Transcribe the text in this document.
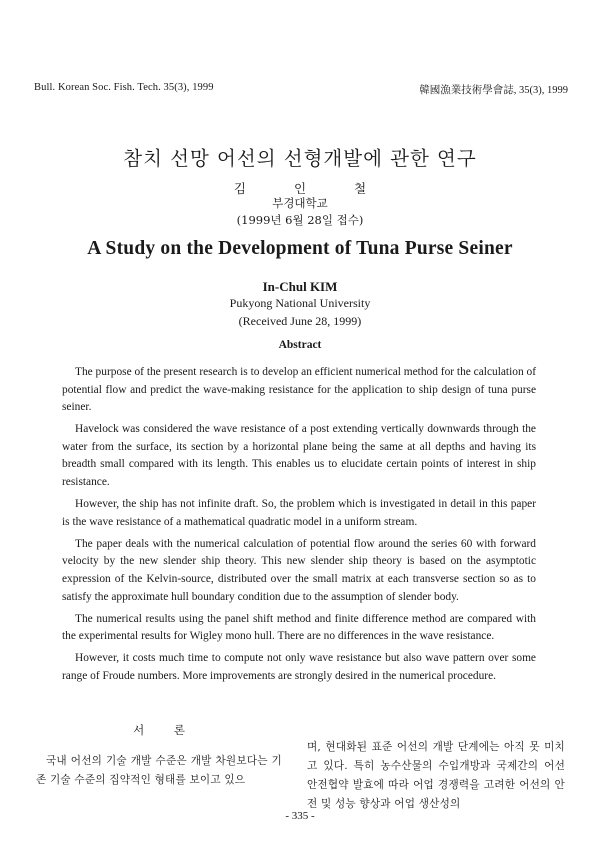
Bull. Korean Soc. Fish. Tech. 35(3), 1999	韓國漁業技術學會誌, 35(3), 1999
참치 선망 어선의 선형개발에 관한 연구
김 인 철
부경대학교
(1999년 6월 28일 접수)
A Study on the Development of Tuna Purse Seiner
In-Chul KIM
Pukyong National University
(Received June 28, 1999)
Abstract

The purpose of the present research is to develop an efficient numerical method for the calculation of potential flow and predict the wave-making resistance for the application to ship design of tuna purse seiner.

Havelock was considered the wave resistance of a post extending vertically downwards through the water from the surface, its section by a horizontal plane being the same at all depths and having its breadth small compared with its length. This enables us to elucidate certain points of interest in ship resistance.

However, the ship has not infinite draft. So, the problem which is investigated in detail in this paper is the wave resistance of a mathematical quadratic model in a uniform stream.

The paper deals with the numerical calculation of potential flow around the series 60 with forward velocity by the new slender ship theory. This new slender ship theory is based on the asymptotic expression of the Kelvin-source, distributed over the small matrix at each transverse section so as to satisfy the approximate hull boundary condition due to the assumption of slender body.

The numerical results using the panel shift method and finite difference method are compared with the experimental results for Wigley mono hull. There are no differences in the wave resistance.

However, it costs much time to compute not only wave resistance but also wave pattern over some range of Froude numbers. More improvements are strongly desired in the numerical procedure.

서 론

국내 어선의 기술 개발 수준은 개발 차원보다는 기존 기술 수준의 집약적인 형태를 보이고 있으

며, 현대화된 표준 어선의 개발 단계에는 아직 못 미치고 있다. 특히 농수산물의 수입개방과 국제간의 어선 안전협약 발효에 따라 어업 경쟁력을 고려한 어선의 안전 및 성능 향상과 어업 생산성의

- 335 -
